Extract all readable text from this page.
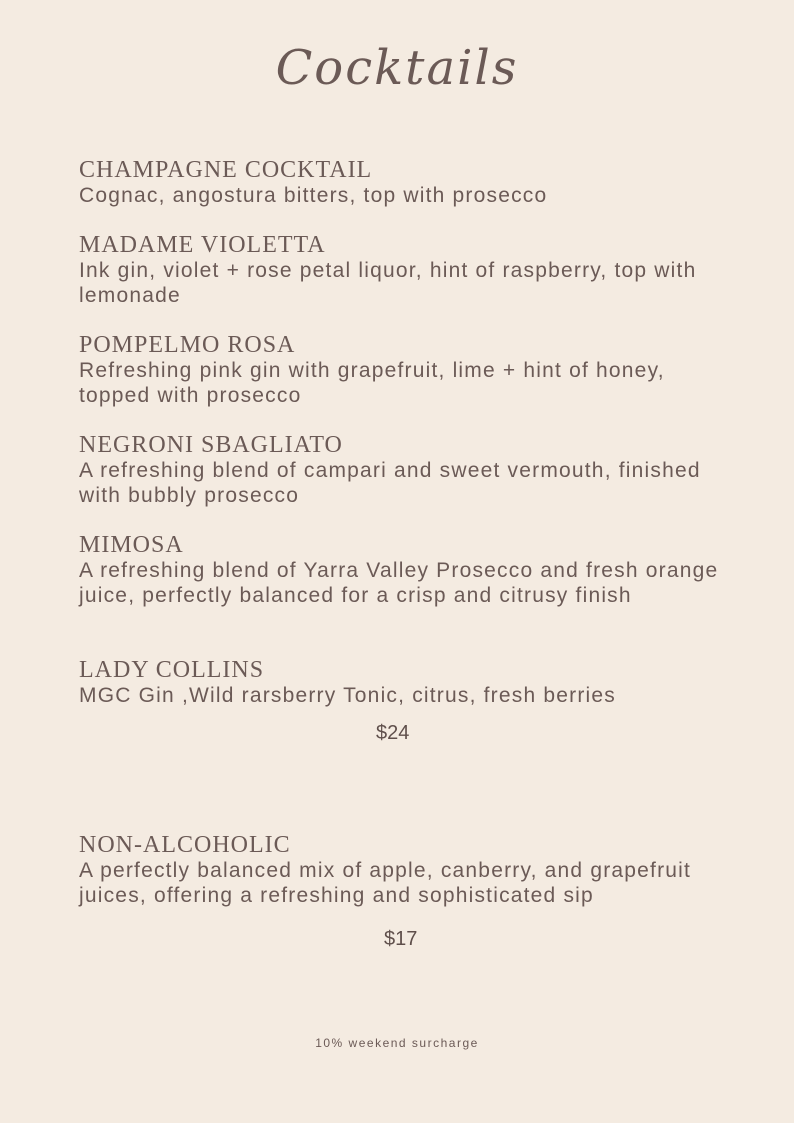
Cocktails
CHAMPAGNE COCKTAIL
Cognac, angostura bitters, top with prosecco
MADAME VIOLETTA
Ink gin, violet + rose petal liquor, hint of raspberry, top with lemonade
POMPELMO ROSA
Refreshing pink gin with grapefruit, lime + hint of honey, topped with prosecco
NEGRONI SBAGLIATO
A refreshing blend of campari and sweet vermouth, finished with bubbly prosecco
MIMOSA
A refreshing blend of Yarra Valley Prosecco and fresh orange juice, perfectly balanced for a crisp and citrusy finish
LADY COLLINS
MGC Gin ,Wild rarsberry Tonic, citrus, fresh berries
$24
NON-ALCOHOLIC
A perfectly balanced mix of apple, canberry, and grapefruit juices, offering a refreshing and sophisticated sip
$17
10% weekend surcharge
